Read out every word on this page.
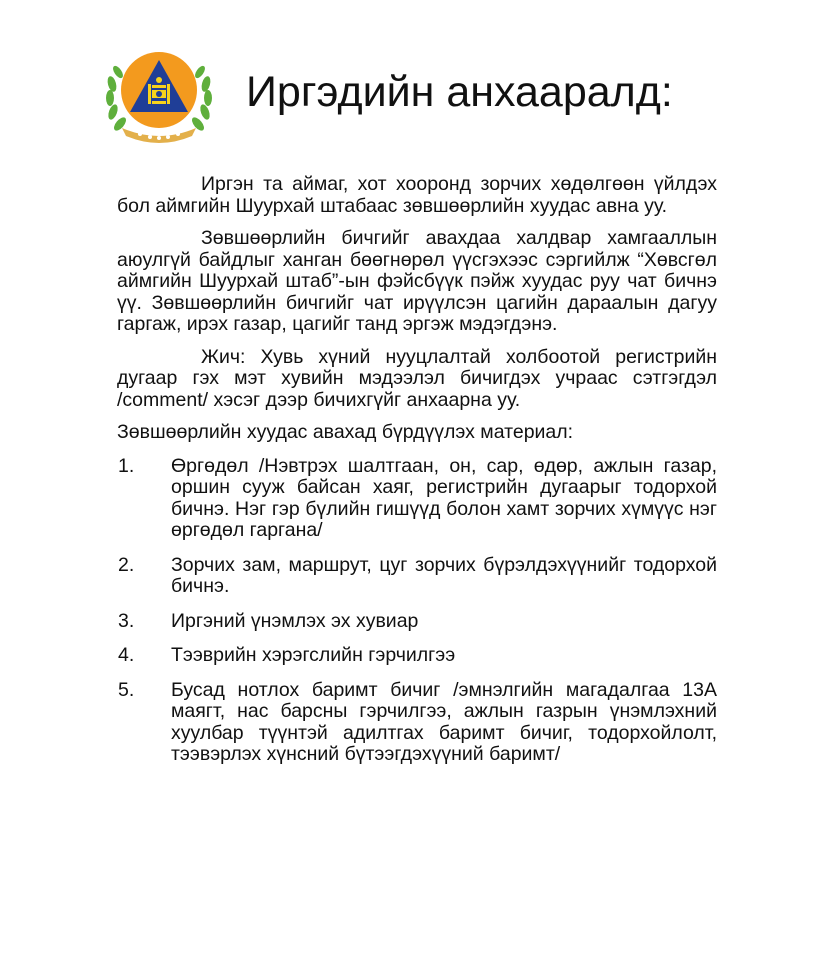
Иргэдийн анхааралд:

Иргэн та аймаг, хот хооронд зорчих хөдөлгөөн үйлдэх бол аймгийн Шуурхай штабаас зөвшөөрлийн хуудас авна уу.

Зөвшөөрлийн бичгийг авахдаа халдвар хамгааллын аюулгүй байдлыг ханган бөөгнөрөл үүсгэхээс сэргийлж “Хөвсгөл аймгийн Шуурхай штаб”-ын фэйсбүүк пэйж хуудас руу чат бичнэ үү. Зөвшөөрлийн бичгийг чат ирүүлсэн цагийн дараалын дагуу гаргаж, ирэх газар, цагийг танд эргэж мэдэгдэнэ.

Жич: Хувь хүний нууцлалтай холбоотой регистрийн дугаар гэх мэт хувийн мэдээлэл бичигдэх учраас сэтгэгдэл /comment/ хэсэг дээр бичихгүйг анхаарна уу.

Зөвшөөрлийн хуудас авахад бүрдүүлэх материал:

1. Өргөдөл /Нэвтрэх шалтгаан, он, сар, өдөр, ажлын газар, оршин сууж байсан хаяг, регистрийн дугаарыг тодорхой бичнэ. Нэг гэр бүлийн гишүүд болон хамт зорчих хүмүүс нэг өргөдөл гаргана/
2. Зорчих зам, маршрут, цуг зорчих бүрэлдэхүүнийг тодорхой бичнэ.
3. Иргэний үнэмлэх эх хувиар
4. Тээврийн хэрэгслийн гэрчилгээ
5. Бусад нотлох баримт бичиг /эмнэлгийн магадалгаа 13А маягт, нас барсны гэрчилгээ, ажлын газрын үнэмлэхний хуулбар түүнтэй адилтгах баримт бичиг, тодорхойлолт, тээвэрлэх хүнсний бүтээгдэхүүний баримт/
